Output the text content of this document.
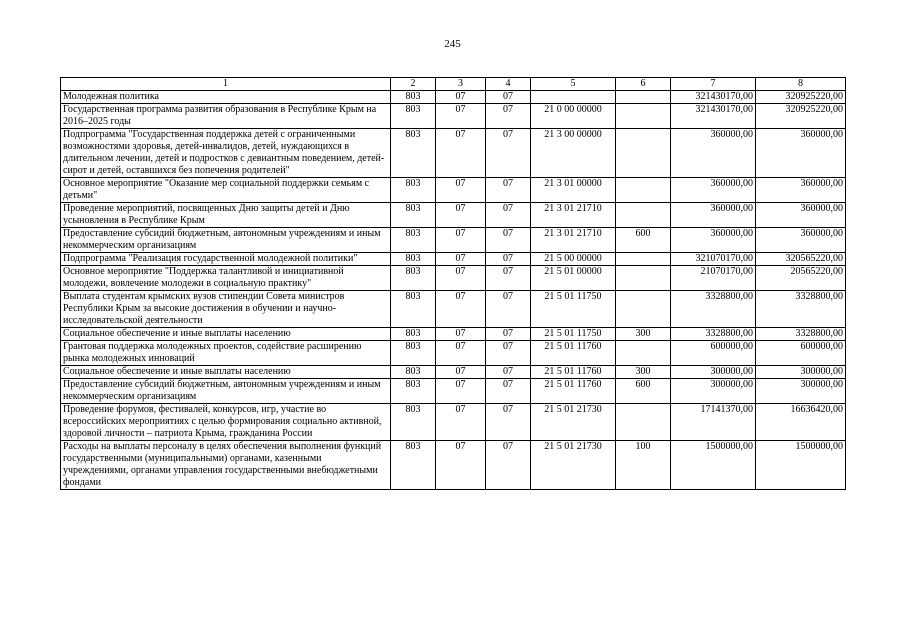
245
1	2	3	4	5	6	7	8
Молодежная политика	803	07	07			321430170,00	320925220,00
Государственная программа развития образования в Республике Крым на 2016–2025 годы	803	07	07	21 0 00 00000		321430170,00	320925220,00
Подпрограмма "Государственная поддержка детей с ограниченными возможностями здоровья, детей-инвалидов, детей, нуждающихся в длительном лечении, детей и подростков с девиантным поведением, детей-сирот и детей, оставшихся без попечения родителей"	803	07	07	21 3 00 00000		360000,00	360000,00
Основное мероприятие "Оказание мер социальной поддержки семьям с детьми"	803	07	07	21 3 01 00000		360000,00	360000,00
Проведение мероприятий, посвященных Дню защиты детей и Дню усыновления в Республике Крым	803	07	07	21 3 01 21710		360000,00	360000,00
Предоставление субсидий бюджетным, автономным учреждениям и иным некоммерческим организациям	803	07	07	21 3 01 21710	600	360000,00	360000,00
Подпрограмма "Реализация государственной молодежной политики"	803	07	07	21 5 00 00000		321070170,00	320565220,00
Основное мероприятие "Поддержка талантливой и инициативной молодежи, вовлечение молодежи в социальную практику"	803	07	07	21 5 01 00000		21070170,00	20565220,00
Выплата студентам крымских вузов стипендии Совета министров Республики Крым за высокие достижения в обучении и научно-исследовательской деятельности	803	07	07	21 5 01 11750		3328800,00	3328800,00
Социальное обеспечение и иные выплаты населению	803	07	07	21 5 01 11750	300	3328800,00	3328800,00
Грантовая поддержка молодежных проектов, содействие расширению рынка молодежных инноваций	803	07	07	21 5 01 11760		600000,00	600000,00
Социальное обеспечение и иные выплаты населению	803	07	07	21 5 01 11760	300	300000,00	300000,00
Предоставление субсидий бюджетным, автономным учреждениям и иным некоммерческим организациям	803	07	07	21 5 01 11760	600	300000,00	300000,00
Проведение форумов, фестивалей, конкурсов, игр, участие во всероссийских мероприятиях с целью формирования социально активной, здоровой личности – патриота Крыма, гражданина России	803	07	07	21 5 01 21730		17141370,00	16636420,00
Расходы на выплаты персоналу в целях обеспечения выполнения функций государственными (муниципальными) органами, казенными учреждениями, органами управления государственными внебюджетными фондами	803	07	07	21 5 01 21730	100	1500000,00	1500000,00
